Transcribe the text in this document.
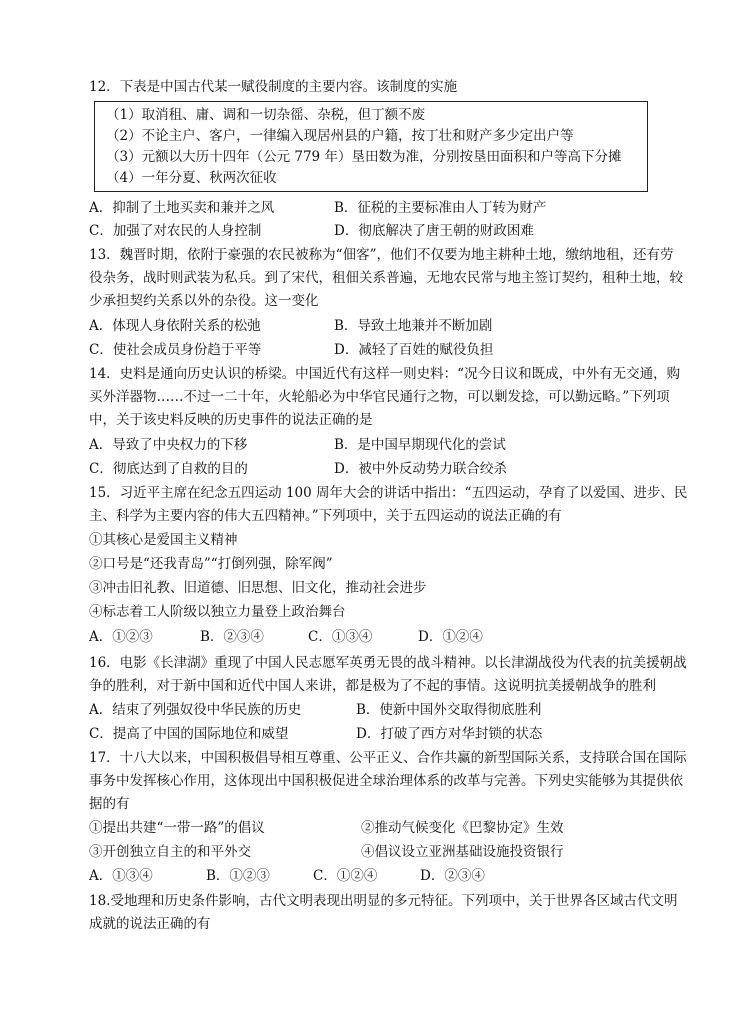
12．下表是中国古代某一赋役制度的主要内容。该制度的实施
（1）取消租、庸、调和一切杂徭、杂税，但丁额不废
（2）不论主户、客户，一律编入现居州县的户籍，按丁壮和财产多少定出户等
（3）元额以大历十四年（公元 779 年）垦田数为准，分别按垦田面积和户等高下分摊
（4）一年分夏、秋两次征收
A．抑制了土地买卖和兼并之风	B．征税的主要标准由人丁转为财产
C．加强了对农民的人身控制	D．彻底解决了唐王朝的财政困难
13．魏晋时期，依附于豪强的农民被称为“佃客”，他们不仅要为地主耕种土地，缴纳地租，还有劳
役杂务，战时则武装为私兵。到了宋代，租佃关系普遍，无地农民常与地主签订契约，租种土地，较
少承担契约关系以外的杂役。这一变化
A．体现人身依附关系的松弛	B．导致土地兼并不断加剧
C．使社会成员身份趋于平等	D．减轻了百姓的赋役负担
14．史料是通向历史认识的桥梁。中国近代有这样一则史料：“况今日议和既成，中外有无交通，购
买外洋器物……不过一二十年，火轮船必为中华官民通行之物，可以剿发捻，可以勤远略。”下列项
中，关于该史料反映的历史事件的说法正确的是
A．导致了中央权力的下移	B．是中国早期现代化的尝试
C．彻底达到了自救的目的	D．被中外反动势力联合绞杀
15．习近平主席在纪念五四运动 100 周年大会的讲话中指出：“五四运动，孕育了以爱国、进步、民
主、科学为主要内容的伟大五四精神。”下列项中，关于五四运动的说法正确的有
①其核心是爱国主义精神
②口号是“还我青岛”“打倒列强，除军阀”
③冲击旧礼教、旧道德、旧思想、旧文化，推动社会进步
④标志着工人阶级以独立力量登上政治舞台
A．①②③	B．②③④	C．①③④	D．①②④
16．电影《长津湖》重现了中国人民志愿军英勇无畏的战斗精神。以长津湖战役为代表的抗美援朝战
争的胜利，对于新中国和近代中国人来讲，都是极为了不起的事情。这说明抗美援朝战争的胜利
A．结束了列强奴役中华民族的历史	B．使新中国外交取得彻底胜利
C．提高了中国的国际地位和威望	D．打破了西方对华封锁的状态
17．十八大以来，中国积极倡导相互尊重、公平正义、合作共赢的新型国际关系，支持联合国在国际
事务中发挥核心作用，这体现出中国积极促进全球治理体系的改革与完善。下列史实能够为其提供依
据的有
①提出共建“一带一路”的倡议	②推动气候变化《巴黎协定》生效
③开创独立自主的和平外交	④倡议设立亚洲基础设施投资银行
A．①③④	B．①②③	C．①②④	D．②③④
18.受地理和历史条件影响，古代文明表现出明显的多元特征。下列项中，关于世界各区域古代文明
成就的说法正确的有
